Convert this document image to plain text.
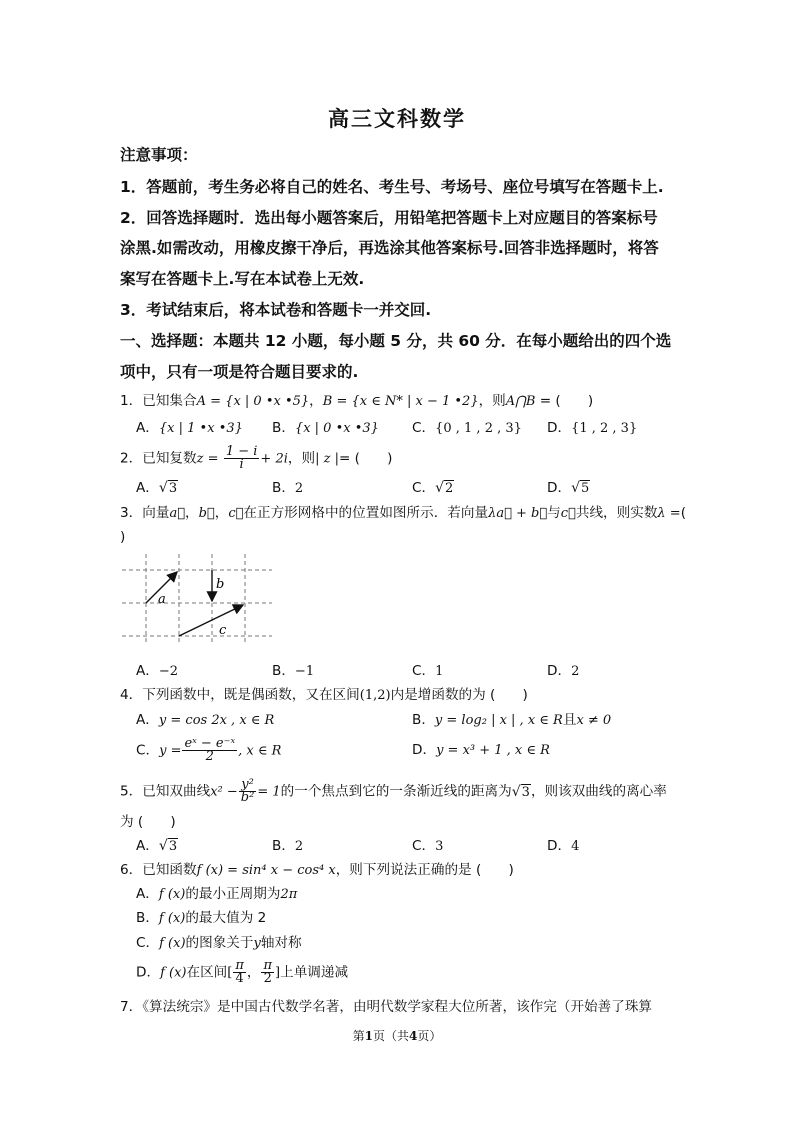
高三文科数学
注意事项：
1．答题前，考生务必将自己的姓名、考生号、考场号、座位号填写在答题卡上.
2．回答选择题时．选出每小题答案后，用铅笔把答题卡上对应题目的答案标号
涂黑.如需改动，用橡皮擦干净后，再选涂其他答案标号.回答非选择题时，将答
案写在答题卡上.写在本试卷上无效.
3．考试结束后，将本试卷和答题卡一并交回.
一、选择题：本题共 12 小题，每小题 5 分，共 60 分．在每小题给出的四个选
项中，只有一项是符合题目要求的.
1．已知集合A = {x | 0 •x •5}，B = {x ∈ N* | x − 1 •2}，则A⋂B = (　　)
A．{x | 1 •x •3} B．{x | 0 •x •3} C．{0 , 1 , 2 , 3} D．{1 , 2 , 3}
2．已知复数$z = \frac{1 - i}{i} + 2i$，则| z |= (　　)
A．√3	B．2	C．√2	D．√5
3．向量a⃗，b⃗，c⃗在正方形网格中的位置如图所示．若向量λa⃗ + b⃗与c⃗共线，则实数λ =(
)
a
b
c
A．−2	B．−1	C．1	D．2
4．下列函数中，既是偶函数，又在区间(1,2)内是增函数的为 (　　)
A．y = cos 2x , x ∈ R	B．y = log₂ | x | , x ∈ R且x ≠ 0
C．$y = \frac{\text{eˣ − e⁻ˣ}}{2}$ , x ∈ R	D．y = x³ + 1 , x ∈ R
5．已知双曲线$x^2 - \frac{\text{y²}}{\text{b²}} = 1$的一个焦点到它的一条渐近线的距离为√3，则该双曲线的离心率
为 (　　)
A．√3	B．2	C．3	D．4
6．已知函数f (x) = sin⁴ x − cos⁴ x，则下列说法正确的是 (　　)
A．f (x)的最小正周期为2π
B．f (x)的最大值为 2
C．f (x)的图象关于y轴对称
D．f (x)在区间[ $\frac{\pi}{4}$ ， $\frac{\pi}{2}$ ]上单调递减
7．《算法统宗》是中国古代数学名著，由明代数学家程大位所著，该作完（开始善了珠算
第1页（共4页）
